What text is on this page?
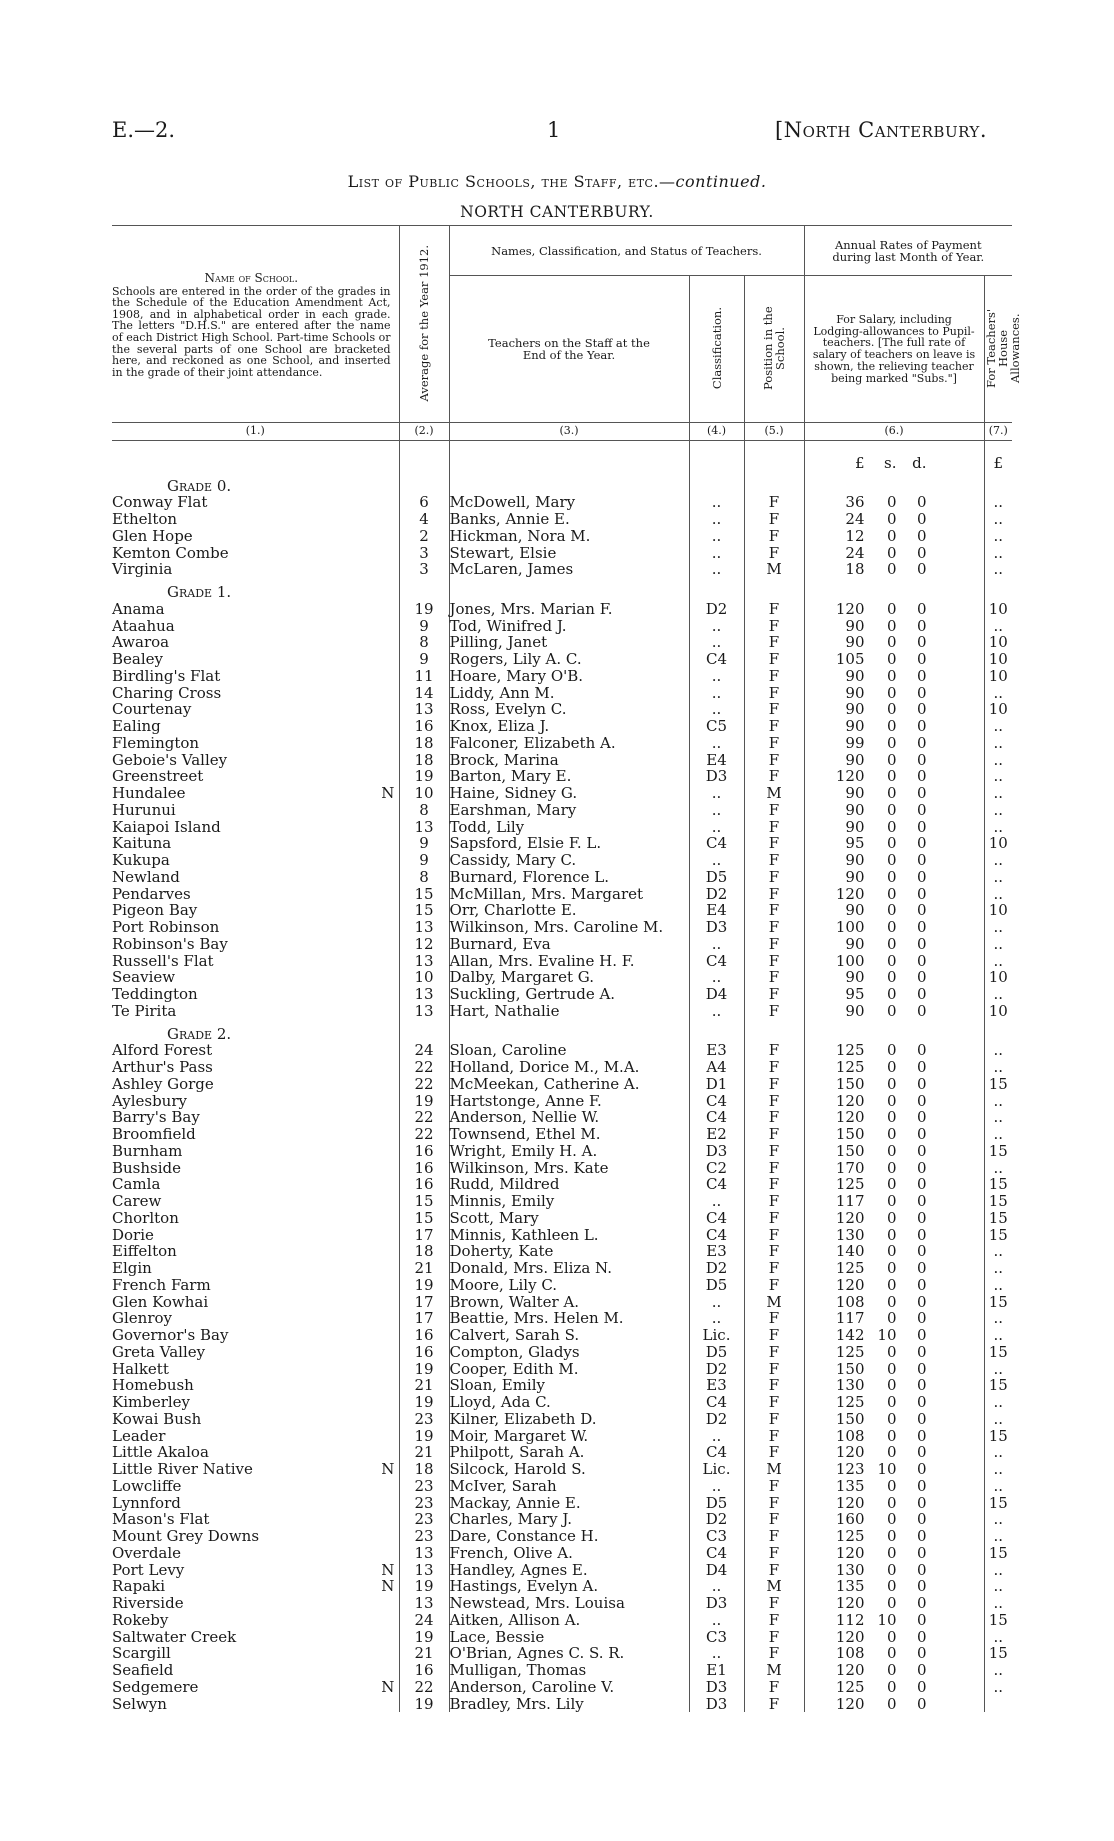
E.—2.	1	[North Canterbury.
List of Public Schools, the Staff, etc.—continued.
NORTH CANTERBURY.
Name of School.
Schools are entered in the order of the grades in the Schedule of the Education Amendment Act, 1908, and in alphabetical order in each grade. The letters "D.H.S." are entered after the name of each District High School. Part-time Schools or the several parts of one School are bracketed here, and reckoned as one School, and inserted in the grade of their joint attendance.		Average for the Year 1912.	Names, Classification, and Status of Teachers.			Annual Rates of Payment during last Month of Year.	
			Teachers on the Staff at the End of the Year.	Classification.	Position in the School.	For Salary, including Lodging-allowances to Pupil-teachers. [The full rate of salary of teachers on leave is shown, the relieving teacher being marked "Subs."]	For Teachers' House Allowances.
(1.)		(2.)	(3.)	(4.)	(5.)	(6.)	(7.)
						£ s. d.	£
Grade 0.							
Conway Flat		6	McDowell, Mary	..	F	36 0 0	..
Ethelton		4	Banks, Annie E.	..	F	24 0 0	..
Glen Hope		2	Hickman, Nora M.	..	F	12 0 0	..
Kemton Combe		3	Stewart, Elsie	..	F	24 0 0	..
Virginia		3	McLaren, James	..	M	18 0 0	..
Grade 1.							
Anama		19	Jones, Mrs. Marian F.	D2	F	120 0 0	10
Ataahua		9	Tod, Winifred J.	..	F	90 0 0	..
Awaroa		8	Pilling, Janet	..	F	90 0 0	10
Bealey		9	Rogers, Lily A. C.	C4	F	105 0 0	10
Birdling's Flat		11	Hoare, Mary O'B.	..	F	90 0 0	10
Charing Cross		14	Liddy, Ann M.	..	F	90 0 0	..
Courtenay		13	Ross, Evelyn C.	..	F	90 0 0	10
Ealing		16	Knox, Eliza J.	C5	F	90 0 0	..
Flemington		18	Falconer, Elizabeth A.	..	F	99 0 0	..
Geboie's Valley		18	Brock, Marina	E4	F	90 0 0	..
Greenstreet		19	Barton, Mary E.	D3	F	120 0 0	..
Hundalee	N	10	Haine, Sidney G.	..	M	90 0 0	..
Hurunui		8	Earshman, Mary	..	F	90 0 0	..
Kaiapoi Island		13	Todd, Lily	..	F	90 0 0	..
Kaituna		9	Sapsford, Elsie F. L.	C4	F	95 0 0	10
Kukupa		9	Cassidy, Mary C.	..	F	90 0 0	..
Newland		8	Burnard, Florence L.	D5	F	90 0 0	..
Pendarves		15	McMillan, Mrs. Margaret	D2	F	120 0 0	..
Pigeon Bay		15	Orr, Charlotte E.	E4	F	90 0 0	10
Port Robinson		13	Wilkinson, Mrs. Caroline M.	D3	F	100 0 0	..
Robinson's Bay		12	Burnard, Eva	..	F	90 0 0	..
Russell's Flat		13	Allan, Mrs. Evaline H. F.	C4	F	100 0 0	..
Seaview		10	Dalby, Margaret G.	..	F	90 0 0	10
Teddington		13	Suckling, Gertrude A.	D4	F	95 0 0	..
Te Pirita		13	Hart, Nathalie	..	F	90 0 0	10
Grade 2.							
Alford Forest		24	Sloan, Caroline	E3	F	125 0 0	..
Arthur's Pass		22	Holland, Dorice M., M.A.	A4	F	125 0 0	..
Ashley Gorge		22	McMeekan, Catherine A.	D1	F	150 0 0	15
Aylesbury		19	Hartstonge, Anne F.	C4	F	120 0 0	..
Barry's Bay		22	Anderson, Nellie W.	C4	F	120 0 0	..
Broomfield		22	Townsend, Ethel M.	E2	F	150 0 0	..
Burnham		16	Wright, Emily H. A.	D3	F	150 0 0	15
Bushside		16	Wilkinson, Mrs. Kate	C2	F	170 0 0	..
Camla		16	Rudd, Mildred	C4	F	125 0 0	15
Carew		15	Minnis, Emily	..	F	117 0 0	15
Chorlton		15	Scott, Mary	C4	F	120 0 0	15
Dorie		17	Minnis, Kathleen L.	C4	F	130 0 0	15
Eiffelton		18	Doherty, Kate	E3	F	140 0 0	..
Elgin		21	Donald, Mrs. Eliza N.	D2	F	125 0 0	..
French Farm		19	Moore, Lily C.	D5	F	120 0 0	..
Glen Kowhai		17	Brown, Walter A.	..	M	108 0 0	15
Glenroy		17	Beattie, Mrs. Helen M.	..	F	117 0 0	..
Governor's Bay		16	Calvert, Sarah S.	Lic.	F	142 10 0	..
Greta Valley		16	Compton, Gladys	D5	F	125 0 0	15
Halkett		19	Cooper, Edith M.	D2	F	150 0 0	..
Homebush		21	Sloan, Emily	E3	F	130 0 0	15
Kimberley		19	Lloyd, Ada C.	C4	F	125 0 0	..
Kowai Bush		23	Kilner, Elizabeth D.	D2	F	150 0 0	..
Leader		19	Moir, Margaret W.	..	F	108 0 0	15
Little Akaloa		21	Philpott, Sarah A.	C4	F	120 0 0	..
Little River Native	N	18	Silcock, Harold S.	Lic.	M	123 10 0	..
Lowcliffe		23	McIver, Sarah	..	F	135 0 0	..
Lynnford		23	Mackay, Annie E.	D5	F	120 0 0	15
Mason's Flat		23	Charles, Mary J.	D2	F	160 0 0	..
Mount Grey Downs		23	Dare, Constance H.	C3	F	125 0 0	..
Overdale		13	French, Olive A.	C4	F	120 0 0	15
Port Levy	N	13	Handley, Agnes E.	D4	F	130 0 0	..
Rapaki	N	19	Hastings, Evelyn A.	..	M	135 0 0	..
Riverside		13	Newstead, Mrs. Louisa	D3	F	120 0 0	..
Rokeby		24	Aitken, Allison A.	..	F	112 10 0	15
Saltwater Creek		19	Lace, Bessie	C3	F	120 0 0	..
Scargill		21	O'Brian, Agnes C. S. R.	..	F	108 0 0	15
Seafield		16	Mulligan, Thomas	E1	M	120 0 0	..
Sedgemere	N	22	Anderson, Caroline V.	D3	F	125 0 0	..
Selwyn		19	Bradley, Mrs. Lily	D3	F	120 0 0	
